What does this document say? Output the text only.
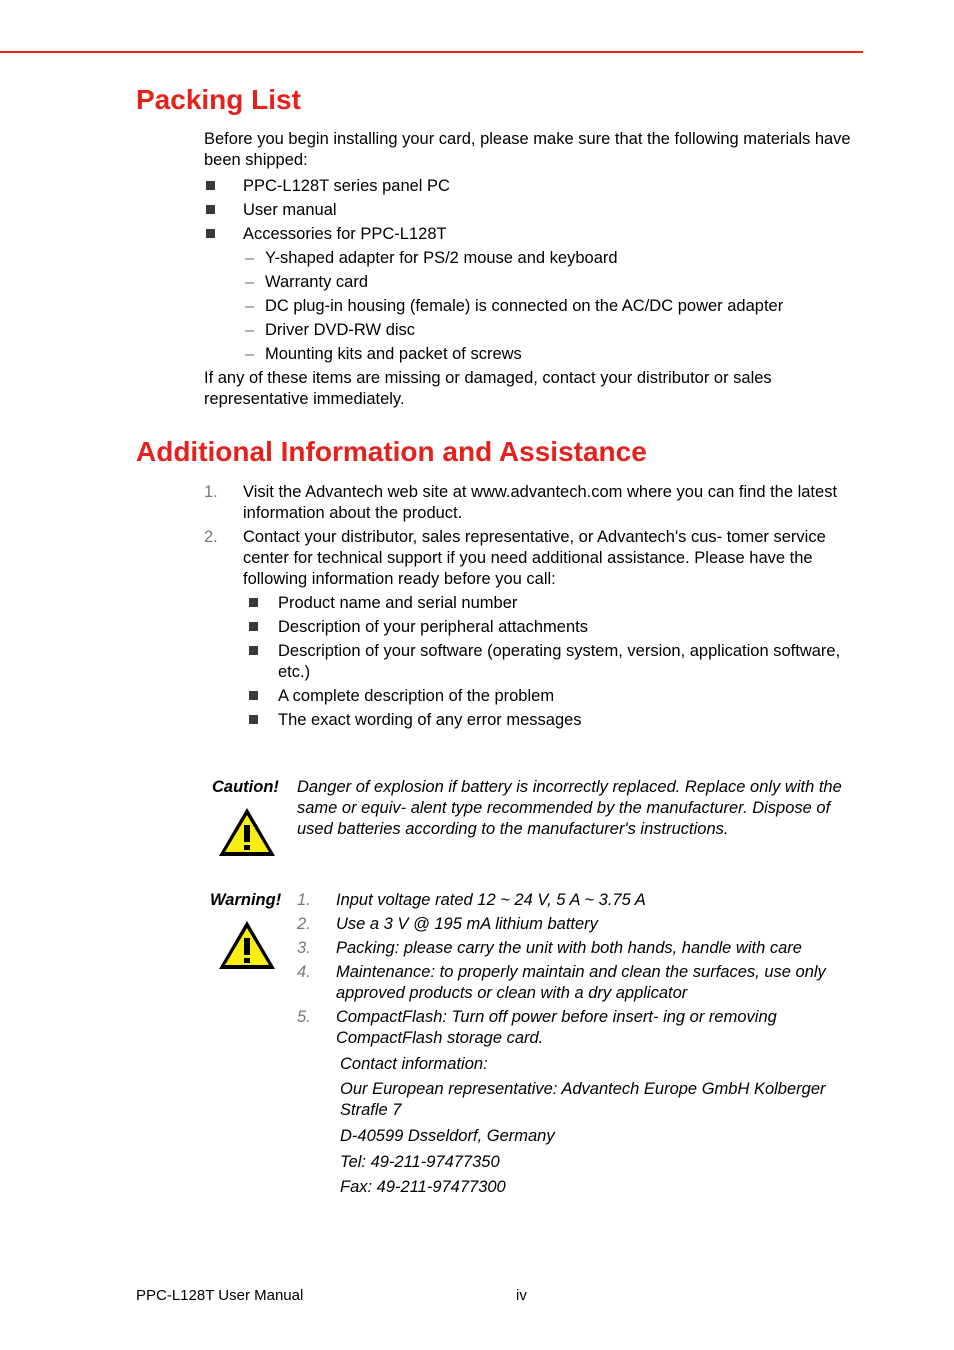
Packing List

Before you begin installing your card, please make sure that the following materials have been shipped:

PPC-L128T series panel PC

User manual

Accessories for PPC-L128T

– Y-shaped adapter for PS/2 mouse and keyboard

– Warranty card

– DC plug-in housing (female) is connected on the AC/DC power adapter

– Driver DVD-RW disc

– Mounting kits and packet of screws

If any of these items are missing or damaged, contact your distributor or sales representative immediately.

Additional Information and Assistance
1. Visit the Advantech web site at www.advantech.com where you can find the latest information about the product.

2. Contact your distributor, sales representative, or Advantech's cus- tomer service center for technical support if you need additional assistance. Please have the following information ready before you call:

Product name and serial number

Description of your peripheral attachments

Description of your software (operating system, version, application software, etc.)

A complete description of the problem

The exact wording of any error messages

Caution! Danger of explosion if battery is incorrectly replaced. Replace only with the same or equiv- alent type recommended by the manufacturer. Dispose of used batteries according to the manufacturer's instructions.

Warning! 1. Input voltage rated 12 ~ 24 V, 5 A ~ 3.75 A

2. Use a 3 V @ 195 mA lithium battery

3. Packing: please carry the unit with both hands, handle with care

4. Maintenance: to properly maintain and clean the surfaces, use only approved products or clean with a dry applicator

5. CompactFlash: Turn off power before insert- ing or removing CompactFlash storage card.

Contact information:

Our European representative: Advantech Europe GmbH Kolberger Strafle 7

D-40599 Dsseldorf, Germany

Tel: 49-211-97477350

Fax: 49-211-97477300

PPC-L128T User Manual	iv
